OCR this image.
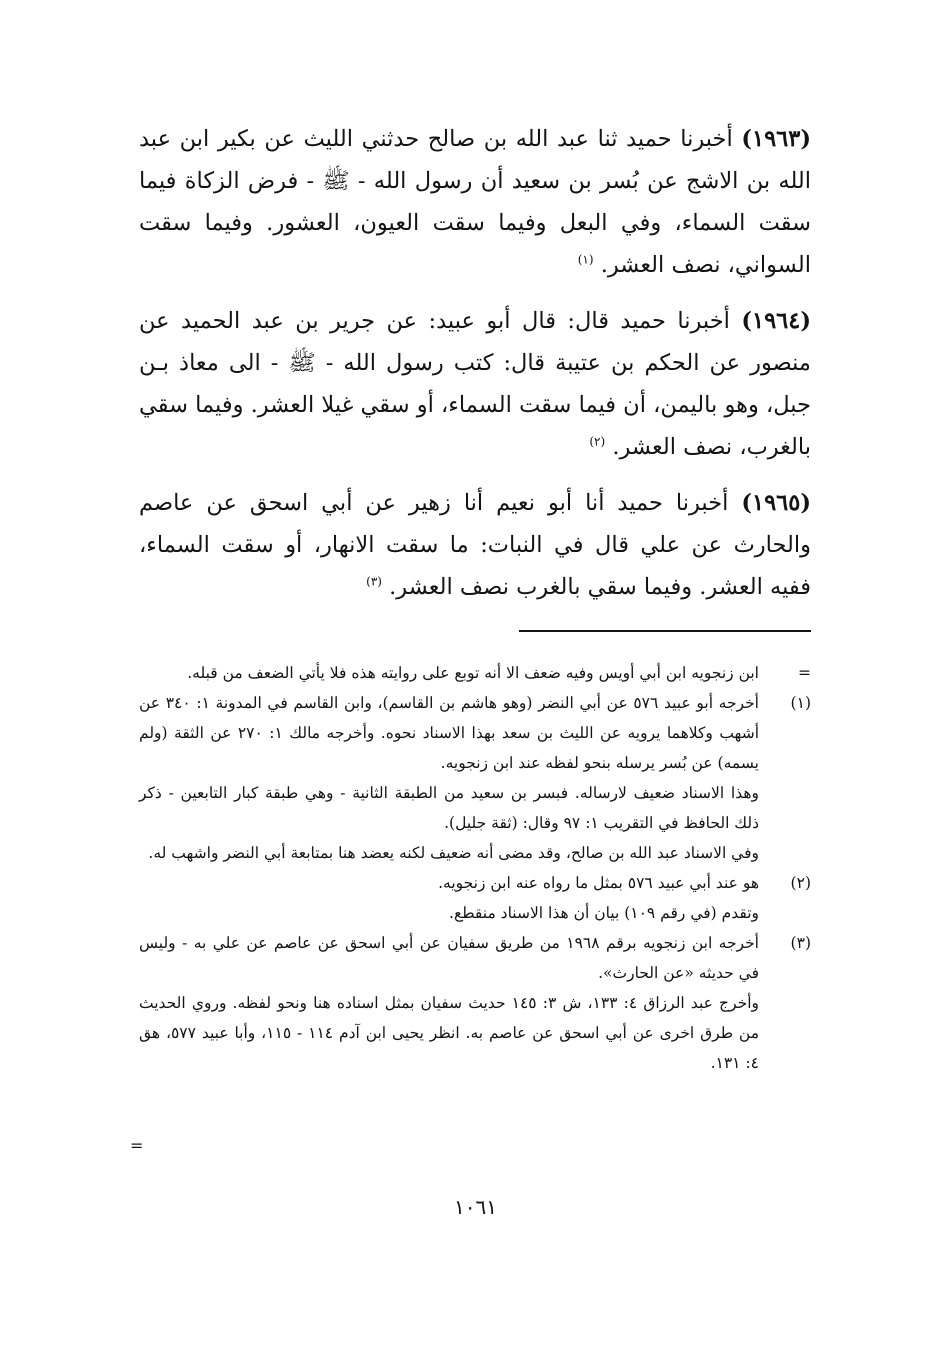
(١٩٦٣) أخبرنا حميد ثنا عبد الله بن صالح حدثني الليث عن بكير ابن عبد الله بن الاشج عن بُسر بن سعيد أن رسول الله - ﷺ - فرض الزكاة فيما سقت السماء، وفي البعل وفيما سقت العيون، العشور. وفيما سقت السواني، نصف العشر. $^{(١)}$

(١٩٦٤) أخبرنا حميد قال: قال أبو عبيد: عن جرير بن عبد الحميد عن منصور عن الحكم بن عتيبة قال: كتب رسول الله - ﷺ - الى معاذ بـن جبل، وهو باليمن، أن فيما سقت السماء، أو سقي غيلا العشر. وفيما سقي بالغرب، نصف العشر. $^{(٢)}$

(١٩٦٥) أخبرنا حميد أنا أبو نعيم أنا زهير عن أبي اسحق عن عاصم والحارث عن علي قال في النبات: ما سقت الانهار، أو سقت السماء، ففيه العشر. وفيما سقي بالغرب نصف العشر. $^{(٣)}$

=

ابن زنجويه ابن أبي أويس وفيه ضعف الا أنه توبع على روايته هذه فلا يأتي الضعف من قبله.

(١)

أخرجه أبو عبيد ٥٧٦ عن أبي النضر (وهو هاشم بن القاسم)، وابن القاسم في المدونة ١: ٣٤٠ عن أشهب وكلاهما يرويه عن الليث بن سعد بهذا الاسناد نحوه. وأخرجه مالك ١: ٢٧٠ عن الثقة (ولم يسمه) عن بُسر يرسله بنحو لفظه عند ابن زنجويه.

وهذا الاسناد ضعيف لارساله. فبسر بن سعيد من الطبقة الثانية - وهي طبقة كبار التابعين - ذكر ذلك الحافظ في التقريب ١: ٩٧ وقال: (ثقة جليل).

وفي الاسناد عبد الله بن صالح، وقد مضى أنه ضعيف لكنه يعضد هنا بمتابعة أبي النضر واشهب له.

(٢)

هو عند أبي عبيد ٥٧٦ بمثل ما رواه عنه ابن زنجويه.

وتقدم (في رقم ١٠٩) بيان أن هذا الاسناد منقطع.

(٣)

أخرجه ابن زنجويه برقم ١٩٦٨ من طريق سفيان عن أبي اسحق عن عاصم عن علي به - وليس في حديثه «عن الحارث».

وأخرج عبد الرزاق ٤: ١٣٣، ش ٣: ١٤٥ حديث سفيان بمثل اسناده هنا ونحو لفظه. وروي الحديث من طرق اخرى عن أبي اسحق عن عاصم به. انظر يحيى ابن آدم ١١٤ - ١١٥، وأبا عبيد ٥٧٧، هق ٤: ١٣١.

=
١٠٦١
